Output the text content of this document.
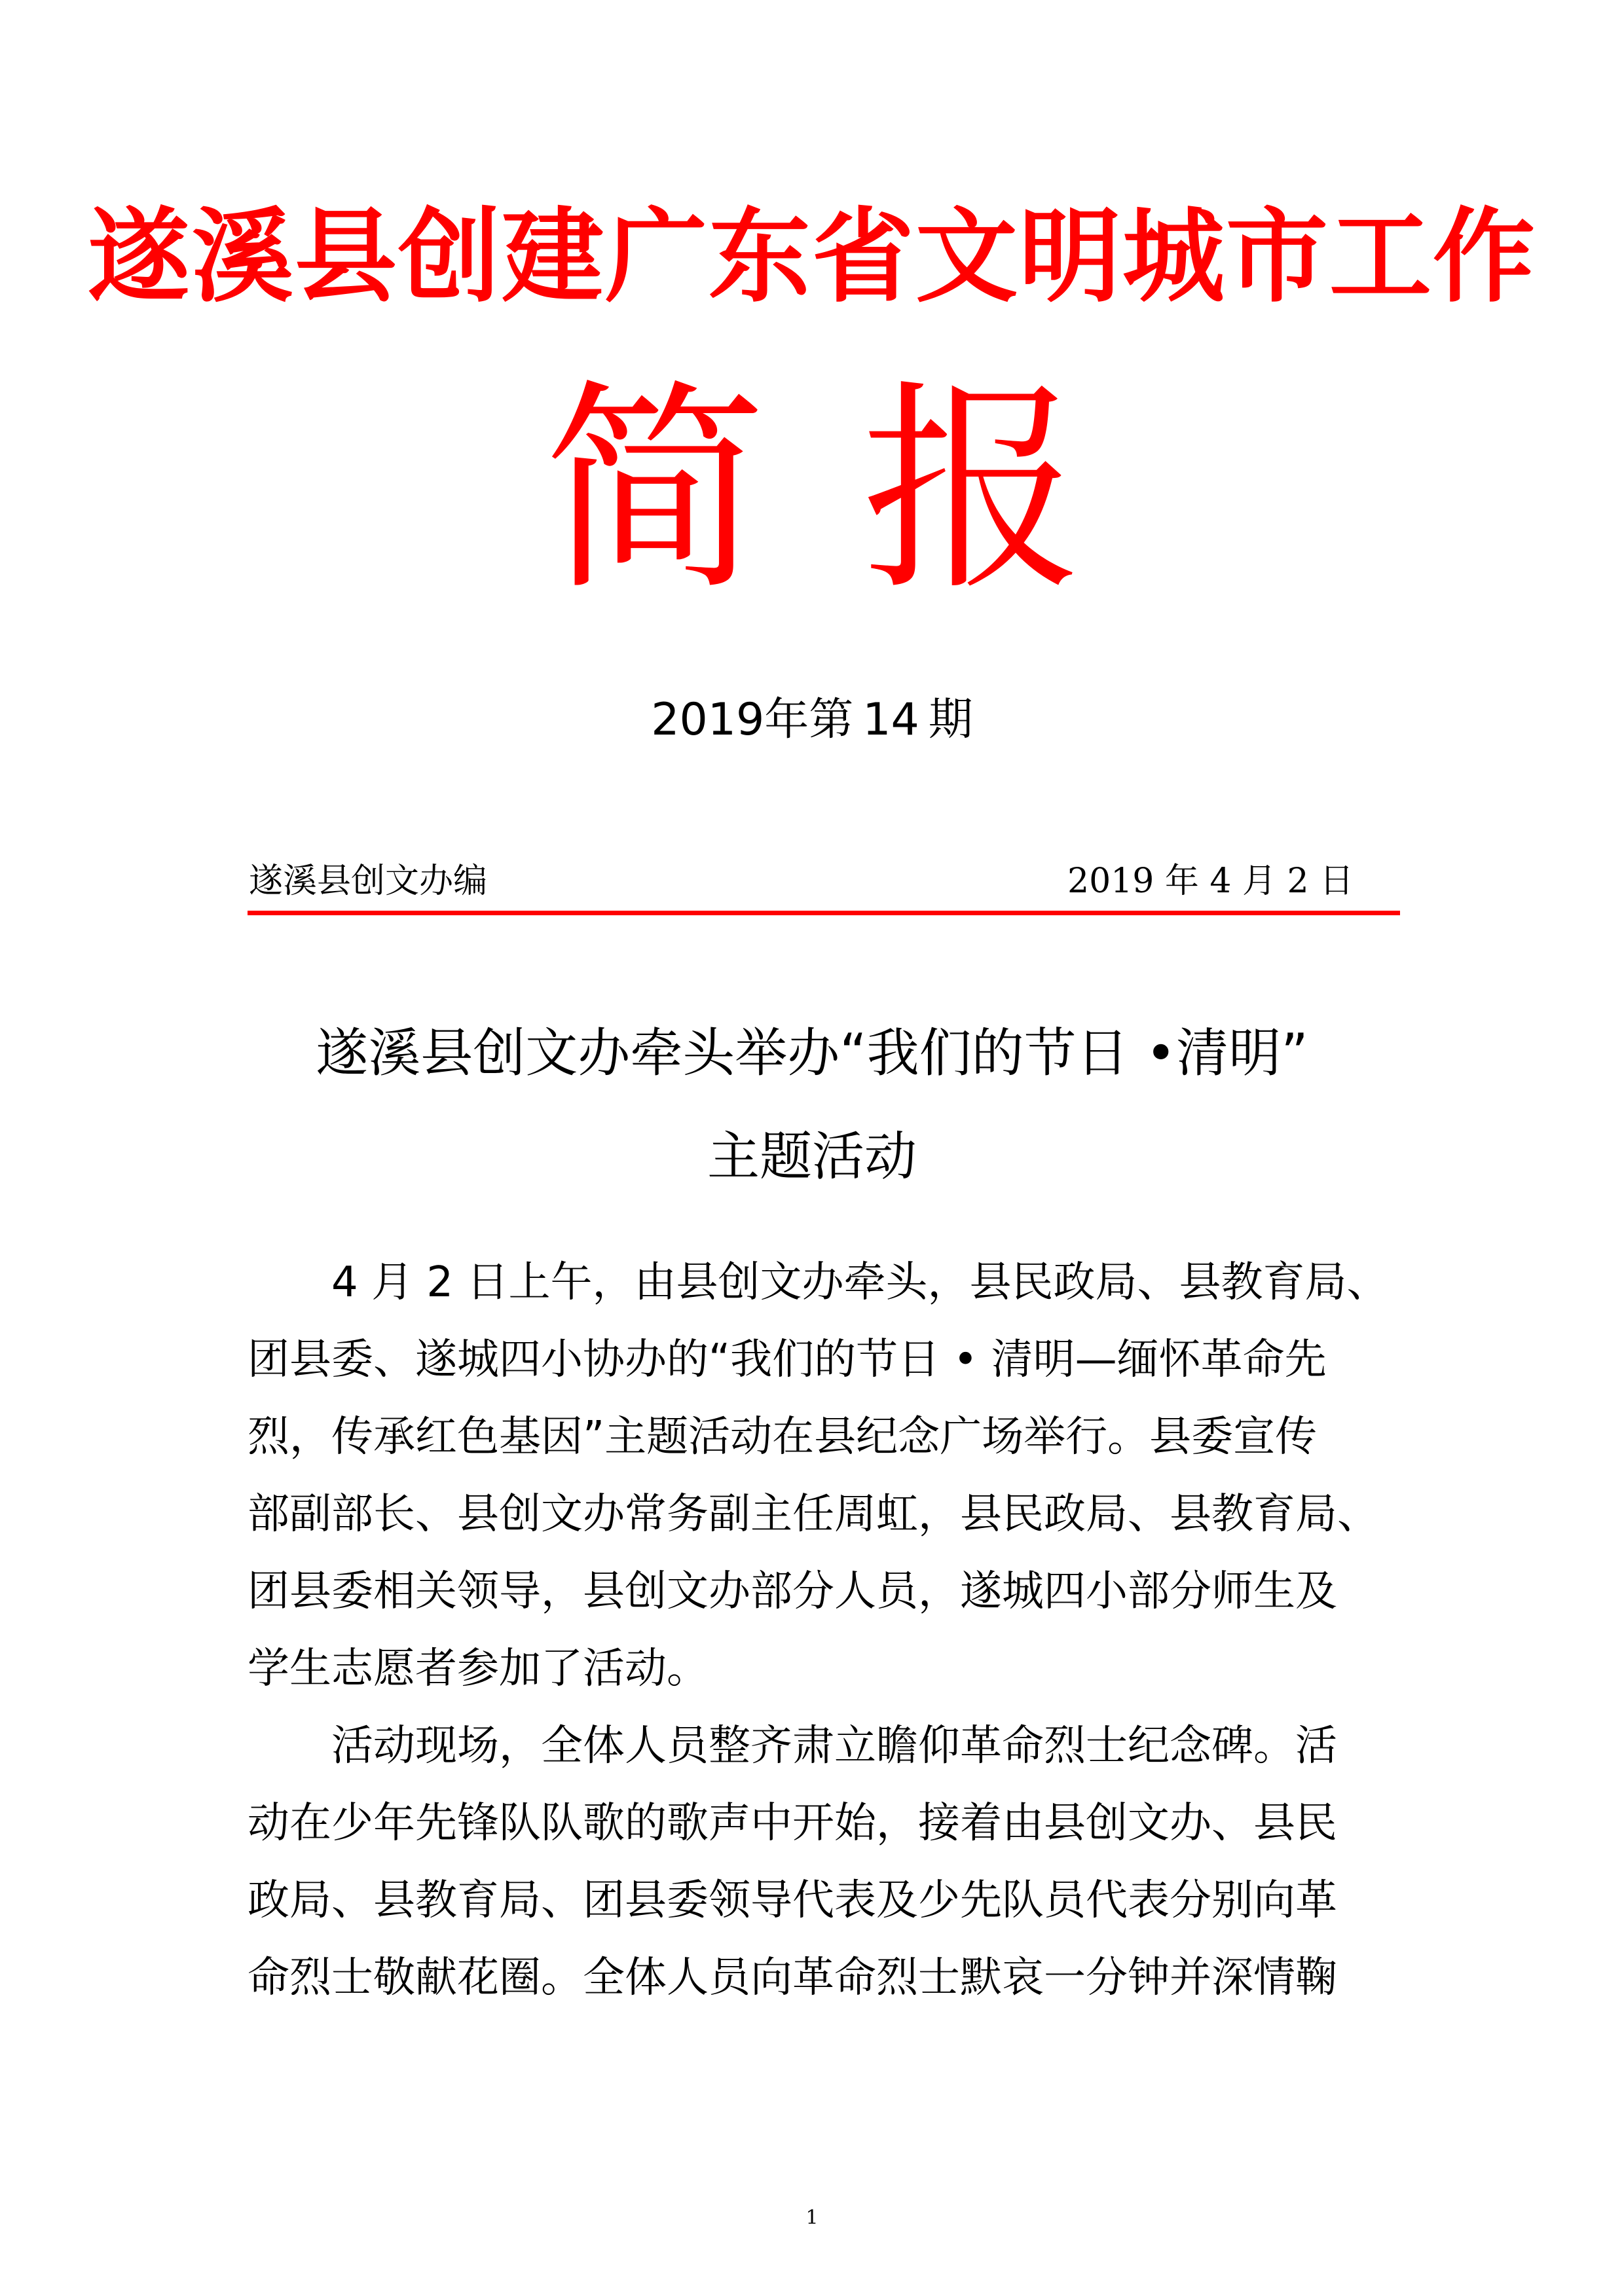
遂溪县创建广东省文明城市工作
简 报
2019年第 14 期
遂溪县创文办编	2019 年 4 月 2 日
遂溪县创文办牵头举办“我们的节日 •清明”
主题活动
4 月 2 日上午，由县创文办牵头，县民政局、县教育局、
团县委、遂城四小协办的“我们的节日 • 清明—缅怀革命先
烈，传承红色基因”主题活动在县纪念广场举行。县委宣传
部副部长、县创文办常务副主任周虹，县民政局、县教育局、
团县委相关领导，县创文办部分人员，遂城四小部分师生及
学生志愿者参加了活动。
活动现场，全体人员整齐肃立瞻仰革命烈士纪念碑。活
动在少年先锋队队歌的歌声中开始，接着由县创文办、县民
政局、县教育局、团县委领导代表及少先队员代表分别向革
命烈士敬献花圈。全体人员向革命烈士默哀一分钟并深情鞠
1
